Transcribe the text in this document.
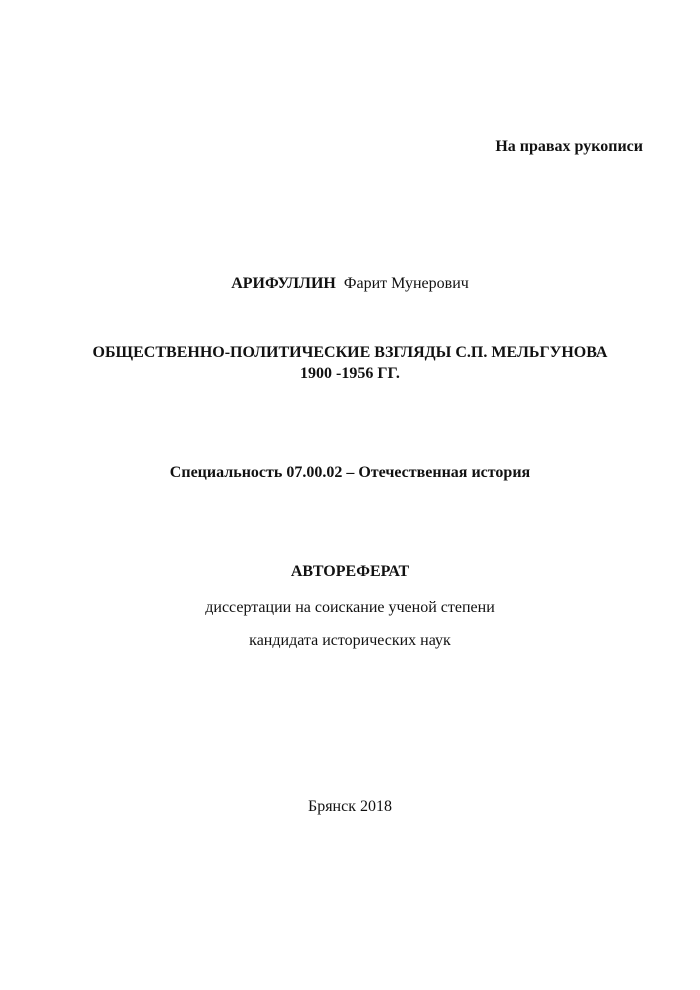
На правах рукописи
АРИФУЛЛИН Фарит Мунерович
ОБЩЕСТВЕННО-ПОЛИТИЧЕСКИЕ ВЗГЛЯДЫ С.П. МЕЛЬГУНОВА
1900 -1956 ГГ.
Специальность 07.00.02 – Отечественная история
АВТОРЕФЕРАТ
диссертации на соискание ученой степени
кандидата исторических наук
Брянск 2018
